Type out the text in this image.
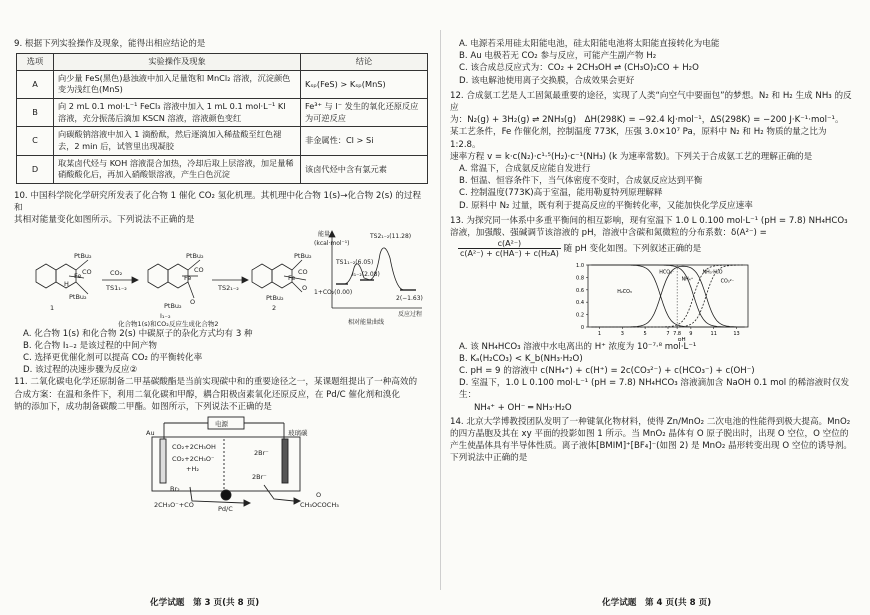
9. 根据下列实验操作及现象，能得出相应结论的是

选项	实验操作及现象	结论
A	向少量 FeS(黑色)悬浊液中加入足量饱和 MnCl₂ 溶液，沉淀颜色变为浅红色(MnS)	Kₛₚ(FeS) > Kₛₚ(MnS)
B	向 2 mL 0.1 mol·L⁻¹ FeCl₃ 溶液中加入 1 mL 0.1 mol·L⁻¹ KI 溶液，充分振荡后滴加 KSCN 溶液，溶液颜色变红	Fe³⁺ 与 I⁻ 发生的氧化还原反应为可逆反应
C	向碳酸钠溶液中加入 1 滴酚酞，然后逐滴加入稀盐酸至红色褪去，2 min 后，试管里出现凝胶	非金属性：Cl > Si
D	取某卤代烃与 KOH 溶液混合加热，冷却后取上层溶液，加足量稀硝酸酸化后，再加入硝酸银溶液，产生白色沉淀	该卤代烃中含有氯元素

10. 中国科学院化学研究所发表了化合物 1 催化 CO₂ 氢化机理。其机理中化合物 1(s)→化合物 2(s) 的过程和

其相对能量变化如图所示。下列说法不正确的是

PtBu₂
PtBu₂
Fe CO
H
CO₂
TS1₁₋₂
1
PtBu₂
Fe
CO
O
PtBu₂
I₁₋₂
TS2₁₋₂
PtBu₂
Fe
CO
O
PtBu₂
2
化合物1(s)和CO₂反应生成化合物2
能量
(kcal·mol⁻¹)
TS1₁₋₂(6.05)
TS2₁₋₂(11.28)
I₁₋₂(2.08)
1+CO₂(0.00)
2(−1.63)
反应过程
相对能量曲线

A. 化合物 1(s) 和化合物 2(s) 中碳原子的杂化方式均有 3 种

B. 化合物 I₁₋₂ 是该过程的中间产物

C. 选择更优催化剂可以提高 CO₂ 的平衡转化率

D. 该过程的决速步骤为反应②

11. 二氧化碳电化学还原制备二甲基碳酸酯是当前实现碳中和的重要途径之一，某课题组提出了一种高效的

合成方案：在温和条件下，利用二氧化碳和甲醇，耦合阳极卤素氧化还原反应，在 Pd/C 催化剂和溴化

钠的添加下，成功制备碳酸二甲酯。如图所示，下列说法不正确的是

电源
Au	玻璃碳
CO₂+2CH₃OH
CO₂+2CH₃O⁻
+H₂
2Br⁻
2Br⁻
Br₂
2CH₃O⁻+CO	Pd/C	CH₃OCOCH₃
O
化学试题　第 3 页(共 8 页)

A. 电源若采用硅太阳能电池，硅太阳能电池将太阳能直接转化为电能

B. Au 电极若无 CO₂ 参与反应，可能产生副产物 H₂

C. 该合成总反应式为：CO₂ + 2CH₃OH ⇌ (CH₃O)₂CO + H₂O

D. 该电解池使用离子交换膜，合成效果会更好

12. 合成氨工艺是人工固氮最重要的途径，实现了人类“向空气中要面包”的梦想。N₂ 和 H₂ 生成 NH₃ 的反应

为：N₂(g) + 3H₂(g) ⇌ 2NH₃(g)　ΔH(298K) = −92.4 kJ·mol⁻¹，ΔS(298K) = −200 J·K⁻¹·mol⁻¹。

某工艺条件，Fe 作催化剂，控制温度 773K，压强 3.0×10⁷ Pa，原料中 N₂ 和 H₂ 物质的量之比为 1:2.8。

速率方程 v = k·c(N₂)·c¹·⁵(H₂)·c⁻¹(NH₃) (k 为速率常数)。下列关于合成氨工艺的理解正确的是

A. 常温下，合成氨反应能自发进行

B. 恒温、恒容条件下，当气体密度不变时，合成氨反应达到平衡

C. 控制温度(773K)高于室温，能用勒夏特列原理解释

D. 原料中 N₂ 过量，既有利于提高反应的平衡转化率，又能加快化学反应速率

13. 为探究同一体系中多重平衡间的相互影响，现有室温下 1.0 L 0.100 mol·L⁻¹ (pH = 7.8) NH₄HCO₃

溶液，加强酸、强碱调节该溶液的 pH，溶液中含碳和氮微粒的分布系数：δ(A²⁻) =

$\frac{\text{c(A²⁻)}}{\text{c(A²⁻) + c(HA⁻) + c(H₂A)}}$ 随 pH 变化如图。下列叙述正确的是

0
0.2
0.4
0.6
0.8
1.0
1	3	5	7 7.8 9	11	13
pH
H₂CO₃
HCO₃⁻
NH₄⁺
NH₃·H₂O
CO₃²⁻

A. 该 NH₄HCO₃ 溶液中水电离出的 H⁺ 浓度为 10⁻⁷·⁸ mol·L⁻¹

B. Kₐ(H₂CO₃) < K_b(NH₃·H₂O)

C. pH = 9 的溶液中 c(NH₄⁺) + c(H⁺) = 2c(CO₃²⁻) + c(HCO₃⁻) + c(OH⁻)

D. 室温下，1.0 L 0.100 mol·L⁻¹ (pH = 7.8) NH₄HCO₃ 溶液滴加含 NaOH 0.1 mol 的稀溶液时仅发生：

NH₄⁺ + OH⁻ ═ NH₃·H₂O

14. 北京大学博教授团队发明了一种键氧化物材料，使得 Zn/MnO₂ 二次电池的性能得到极大提高。MnO₂

的四方晶胞及其在 xy 平面的投影如图 1 所示。当 MnO₂ 晶体有 O 原子脱出时，出现 O 空位，O 空位的

产生使晶体具有半导体性质。离子液体[BMIM]⁺[BF₄]⁻(如图 2) 是 MnO₂ 晶形转变出现 O 空位的诱导剂。

下列说法中正确的是

化学试题　第 4 页(共 8 页)
